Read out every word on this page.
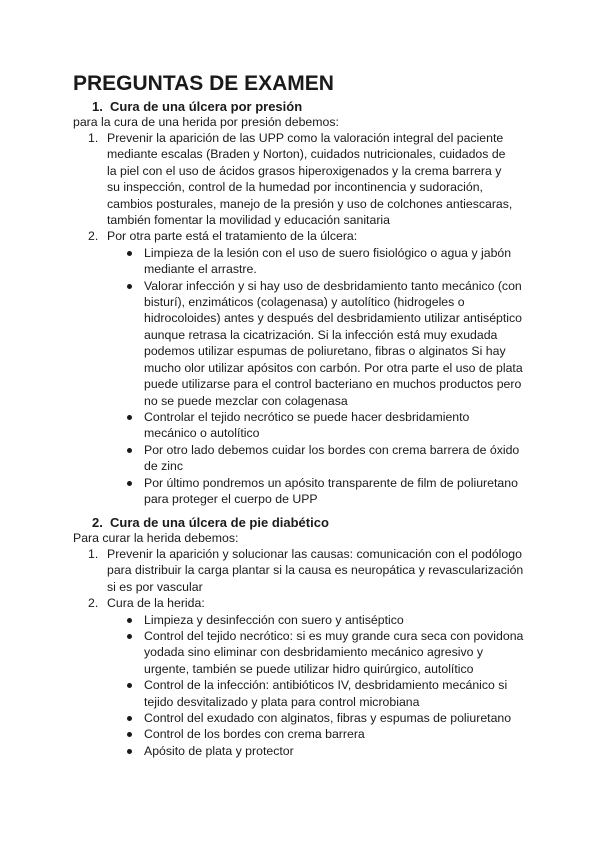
PREGUNTAS DE EXAMEN
1. Cura de una úlcera por presión

para la cura de una herida por presión debemos:

1. Prevenir la aparición de las UPP como la valoración integral del paciente mediante escalas (Braden y Norton), cuidados nutricionales, cuidados de la piel con el uso de ácidos grasos hiperoxigenados y la crema barrera y su inspección, control de la humedad por incontinencia y sudoración, cambios posturales, manejo de la presión y uso de colchones antiescaras, también fomentar la movilidad y educación sanitaria
2. Por otra parte está el tratamiento de la úlcera:
Limpieza de la lesión con el uso de suero fisiológico o agua y jabón mediante el arrastre.
Valorar infección y si hay uso de desbridamiento tanto mecánico (con bisturí), enzimáticos (colagenasa) y autolítico (hidrogeles o hidrocoloides) antes y después del desbridamiento utilizar antiséptico aunque retrasa la cicatrización. Si la infección está muy exudada podemos utilizar espumas de poliuretano, fibras o alginatos Si hay mucho olor utilizar apósitos con carbón. Por otra parte el uso de plata puede utilizarse para el control bacteriano en muchos productos pero no se puede mezclar con colagenasa
Controlar el tejido necrótico se puede hacer desbridamiento mecánico o autolítico
Por otro lado debemos cuidar los bordes con crema barrera de óxido de zinc
Por último pondremos un apósito transparente de film de poliuretano para proteger el cuerpo de UPP
2. Cura de una úlcera de pie diabético

Para curar la herida debemos:

1. Prevenir la aparición y solucionar las causas: comunicación con el podólogo para distribuir la carga plantar si la causa es neuropática y revascularización si es por vascular
2. Cura de la herida:
Limpieza y desinfección con suero y antiséptico
Control del tejido necrótico: si es muy grande cura seca con povidona yodada sino eliminar con desbridamiento mecánico agresivo y urgente, también se puede utilizar hidro quirúrgico, autolítico
Control de la infección: antibióticos IV, desbridamiento mecánico si tejido desvitalizado y plata para control microbiana
Control del exudado con alginatos, fibras y espumas de poliuretano
Control de los bordes con crema barrera
Apósito de plata y protector
